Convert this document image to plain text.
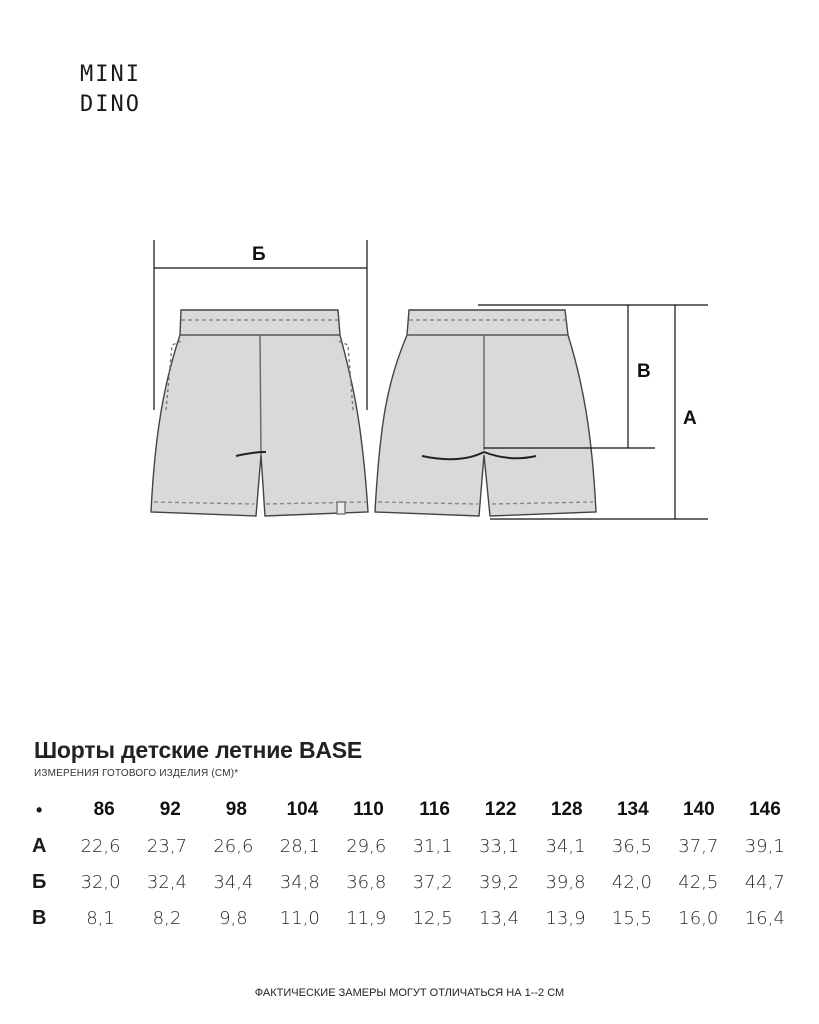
MINI
DINO
Б
В
А
Шорты детские летние BASE
ИЗМЕРЕНИЯ ГОТОВОГО ИЗДЕЛИЯ (СМ)*
•	86	92	98	104	110	116	122	128	134	140	146
А	22,6	23,7	26,6	28,1	29,6	31,1	33,1	34,1	36,5	37,7	39,1
Б	32,0	32,4	34,4	34,8	36,8	37,2	39,2	39,8	42,0	42,5	44,7
В	8,1	8,2	9,8	11,0	11,9	12,5	13,4	13,9	15,5	16,0	16,4
ФАКТИЧЕСКИЕ ЗАМЕРЫ МОГУТ ОТЛИЧАТЬСЯ НА 1--2 СМ
